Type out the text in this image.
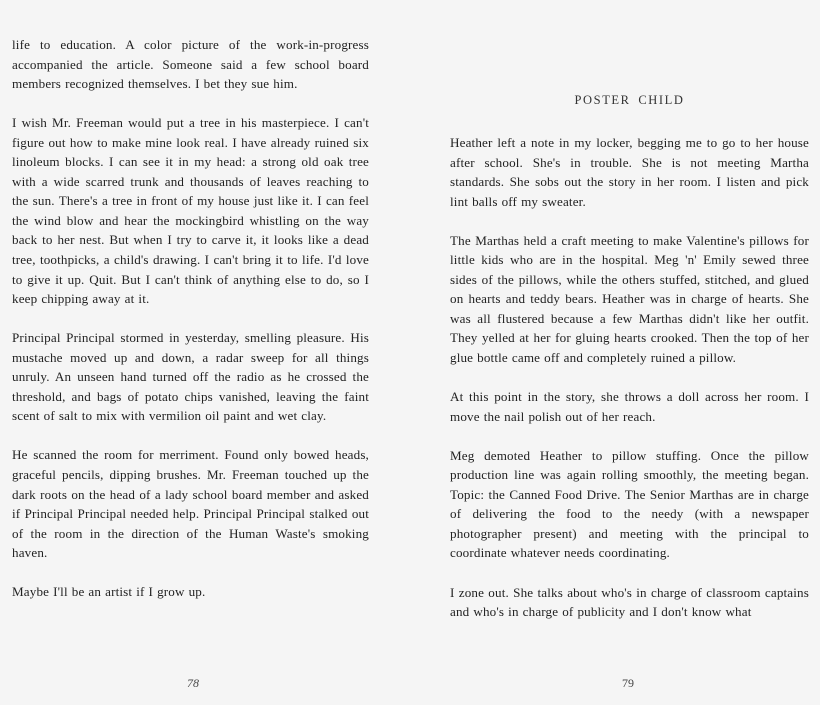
life to education. A color picture of the work-in-progress accompanied the article. Someone said a few school board members recognized themselves. I bet they sue him.

I wish Mr. Freeman would put a tree in his masterpiece. I can't figure out how to make mine look real. I have already ruined six linoleum blocks. I can see it in my head: a strong old oak tree with a wide scarred trunk and thousands of leaves reaching to the sun. There's a tree in front of my house just like it. I can feel the wind blow and hear the mockingbird whistling on the way back to her nest. But when I try to carve it, it looks like a dead tree, toothpicks, a child's drawing. I can't bring it to life. I'd love to give it up. Quit. But I can't think of anything else to do, so I keep chipping away at it.

Principal Principal stormed in yesterday, smelling pleasure. His mustache moved up and down, a radar sweep for all things unruly. An unseen hand turned off the radio as he crossed the threshold, and bags of potato chips vanished, leaving the faint scent of salt to mix with vermilion oil paint and wet clay.

He scanned the room for merriment. Found only bowed heads, graceful pencils, dipping brushes. Mr. Freeman touched up the dark roots on the head of a lady school board member and asked if Principal Principal needed help. Principal Principal stalked out of the room in the direction of the Human Waste's smoking haven.

Maybe I'll be an artist if I grow up.

78
POSTER CHILD

Heather left a note in my locker, begging me to go to her house after school. She's in trouble. She is not meeting Martha standards. She sobs out the story in her room. I listen and pick lint balls off my sweater.

The Marthas held a craft meeting to make Valentine's pillows for little kids who are in the hospital. Meg 'n' Emily sewed three sides of the pillows, while the others stuffed, stitched, and glued on hearts and teddy bears. Heather was in charge of hearts. She was all flustered because a few Marthas didn't like her outfit. They yelled at her for gluing hearts crooked. Then the top of her glue bottle came off and completely ruined a pillow.

At this point in the story, she throws a doll across her room. I move the nail polish out of her reach.

Meg demoted Heather to pillow stuffing. Once the pillow production line was again rolling smoothly, the meeting began. Topic: the Canned Food Drive. The Senior Marthas are in charge of delivering the food to the needy (with a newspaper photographer present) and meeting with the principal to coordinate whatever needs coordinating.

I zone out. She talks about who's in charge of classroom captains and who's in charge of publicity and I don't know what

79
